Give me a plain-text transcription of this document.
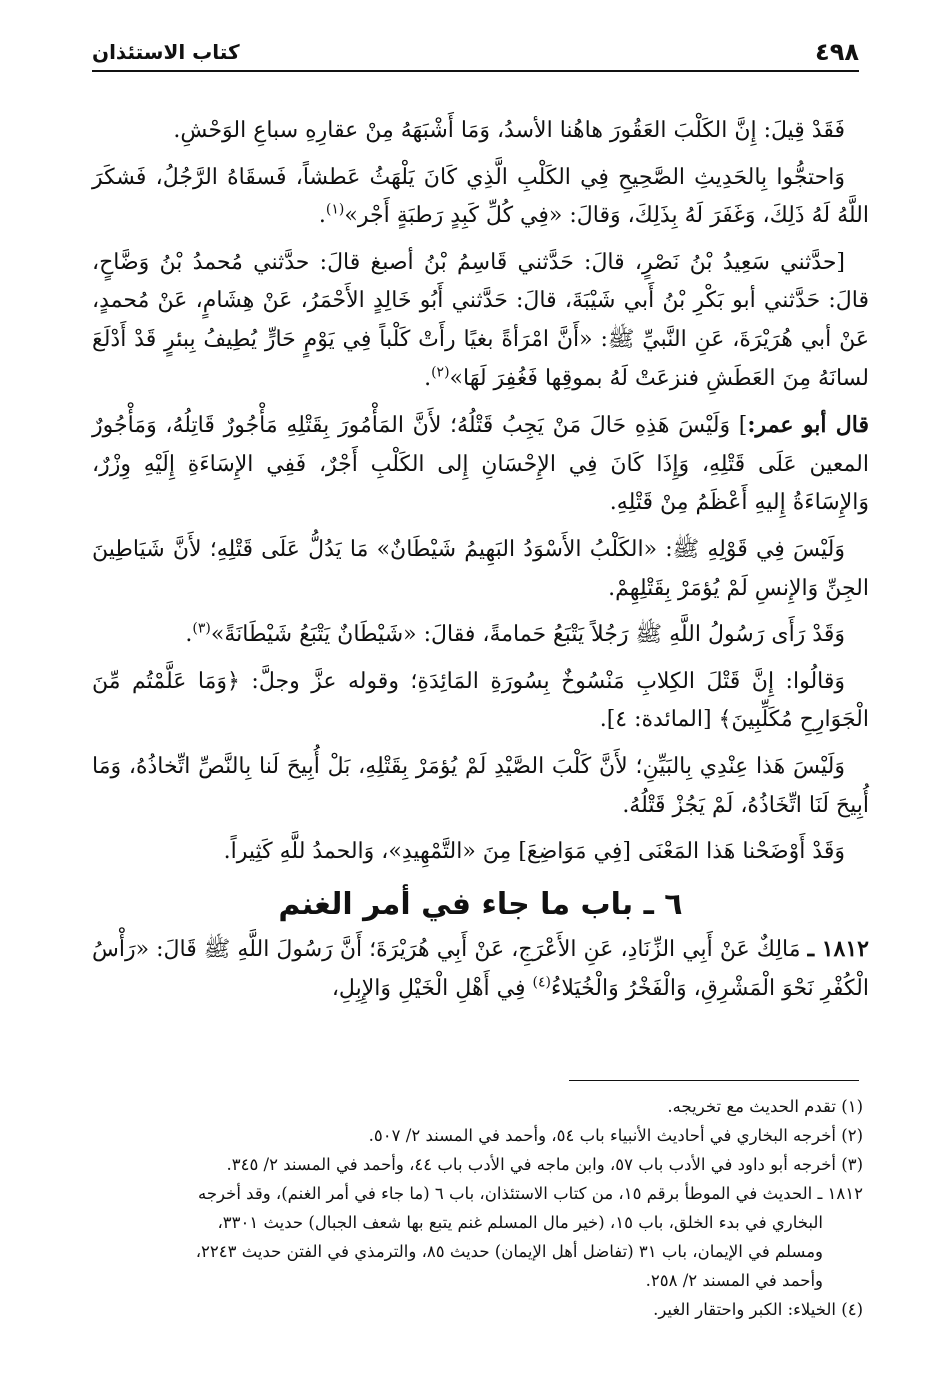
٤٩٨
كتاب الاستئذان

فَقَدْ قِيلَ: إِنَّ الكَلْبَ العَقُورَ هاهُنا الأسدُ، وَمَا أَشْبَهَهُ مِنْ عقارِهِ سباعِ الوَحْشِ.

وَاحتجُّوا بِالحَدِيثِ الصَّحِيحِ فِي الكَلْبِ الَّذِي كَانَ يَلْهَثُ عَطشاً، فَسقَاهُ الرَّجُلُ، فَشكَرَ اللَّهُ لَهُ ذَلِكَ، وَغَفَرَ لَهُ بِذَلِكَ، وَقالَ: «فِي كُلِّ كَبِدٍ رَطبَةٍ أَجْر»$^{(١)}$.

[حدَّثني سَعِيدُ بْنُ نَصْرٍ، قالَ: حَدَّثني قَاسِمُ بْنُ أصبغ قالَ: حدَّثني مُحمدُ بْنُ وَضَّاحٍ، قالَ: حَدَّثني أبو بَكْرِ بْنُ أَبي شَيْبَةَ، قالَ: حَدَّثني أَبُو خَالِدٍ الأَحْمَرُ، عَنْ هِشَامٍ، عَنْ مُحمدٍ، عَنْ أبي هُرَيْرَةَ، عَنِ النَّبيِّ ﷺ: «أَنَّ امْرَأةً بغيًا رأَتْ كَلْباً فِي يَوْمٍ حَارٍّ يُطِيفُ بِبئرٍ قَدْ أَدْلَعَ لسانَهُ مِنَ العَطَشِ فنزعَتْ لَهُ بموقِها فَغُفِرَ لَهَا»$^{(٢)}$.

قال أبو عمر:] وَلَيْسَ هَذِهِ حَالَ مَنْ يَجِبُ قَتْلُهُ؛ لأَنَّ المَأْمُورَ بِقَتْلِهِ مَأْجُورٌ قَاتِلُهُ، وَمَأْجُورٌ المعين عَلَى قَتْلِهِ، وَإِذَا كَانَ فِي الإِحْسَانِ إِلى الكَلْبِ أَجْرٌ، فَفِي الإِسَاءَةِ إِلَيْهِ وِزْرٌ، وَالإِسَاءَةُ إِليهِ أَعْظَمُ مِنْ قَتْلِهِ.

وَلَيْسَ فِي قَوْلِهِ ﷺ: «الكَلْبُ الأَسْوَدُ البَهِيمُ شَيْطَانٌ» مَا يَدُلُّ عَلَى قَتْلِهِ؛ لأَنَّ شَيَاطِينَ الجِنِّ وَالإِنسِ لَمْ يُؤمَرْ بِقَتْلِهِمْ.

وَقَدْ رَأَى رَسُولُ اللَّهِ ﷺ رَجُلاً يَتْبَعُ حَمامةً، فقالَ: «شَيْطَانٌ يَتْبَعُ شَيْطَانَةً»$^{(٣)}$.

وَقالُوا: إِنَّ قَتْلَ الكِلابِ مَنْسُوخٌ بِسُورَةِ المَائِدَةِ؛ وقوله عزَّ وجلَّ: ﴿وَمَا عَلَّمْتُم مِّنَ الْجَوَارِحِ مُكَلِّبِينَ﴾ [المائدة: ٤].

وَلَيْسَ هَذا عِنْدِي بِالبَيِّنِ؛ لأَنَّ كَلْبَ الصَّيْدِ لَمْ يُؤمَرْ بِقَتْلِهِ، بَلْ أُبِيحَ لَنا بِالنَّصِّ اتِّخاذُهُ، وَمَا أُبِيحَ لَنَا اتِّخَاذُهُ، لَمْ يَجُزْ قَتْلُهُ.

وَقَدْ أَوْضَحْنا هَذا المَعْنَى [فِي مَوَاضِعَ] مِنَ «التَّمْهِيدِ»، وَالحمدُ للَّهِ كَثِيراً.

٦ ـ باب ما جاء في أمر الغنم

١٨١٢ ـ مَالِكٌ عَنْ أَبِي الزِّنَادِ، عَنِ الأَعْرَجِ، عَنْ أَبِي هُرَيْرَةَ؛ أَنَّ رَسُولَ اللَّهِ ﷺ قَالَ: «رَأْسُ الْكُفْرِ نَحْوَ الْمَشْرِقِ، وَالْفَخْرُ وَالْخُيَلاءُ$^{(٤)}$ فِي أَهْلِ الْخَيْلِ وَالإِبِلِ،

(١) تقدم الحديث مع تخريجه.

(٢) أخرجه البخاري في أحاديث الأنبياء باب ٥٤، وأحمد في المسند ٢/ ٥٠٧.

(٣) أخرجه أبو داود في الأدب باب ٥٧، وابن ماجه في الأدب باب ٤٤، وأحمد في المسند ٢/ ٣٤٥.

١٨١٢ ـ الحديث في الموطأ برقم ١٥، من كتاب الاستئذان، باب ٦ (ما جاء في أمر الغنم)، وقد أخرجه

البخاري في بدء الخلق، باب ١٥، (خير مال المسلم غنم يتبع بها شعف الجبال) حديث ٣٣٠١،

ومسلم في الإيمان، باب ٣١ (تفاضل أهل الإيمان) حديث ٨٥، والترمذي في الفتن حديث ٢٢٤٣،

وأحمد في المسند ٢/ ٢٥٨.

(٤) الخيلاء: الكبر واحتقار الغير.
